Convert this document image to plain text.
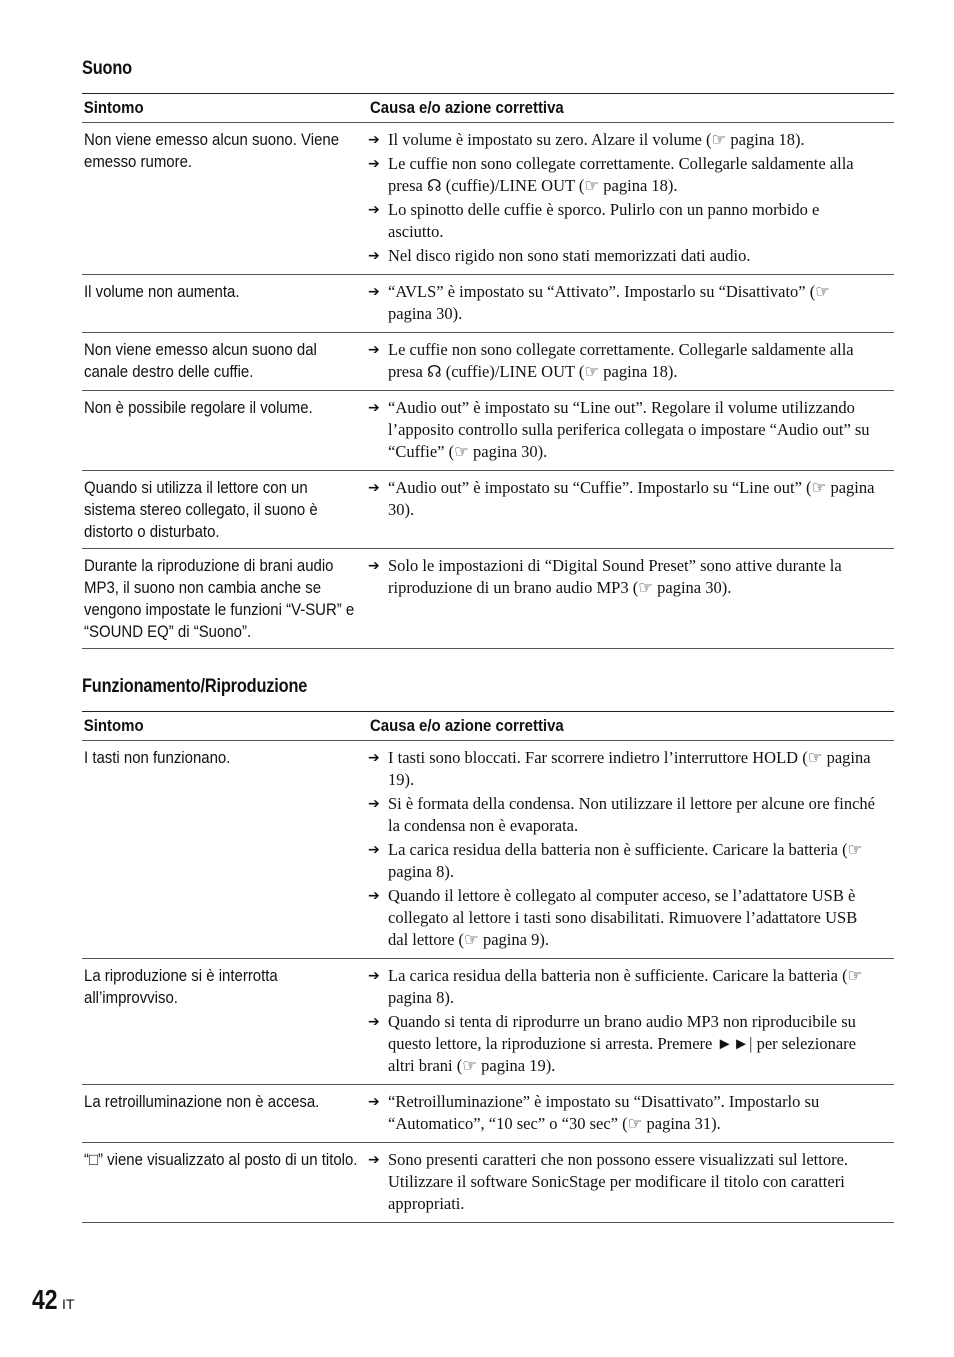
Suono
Sintomo	Causa e/o azione correttiva
Non viene emesso alcun suono. Viene emesso rumore.
➔ Il volume è impostato su zero. Alzare il volume (☞ pagina 18).
➔ Le cuffie non sono collegate correttamente. Collegarle saldamente alla presa ☊ (cuffie)/LINE OUT (☞ pagina 18).
➔ Lo spinotto delle cuffie è sporco. Pulirlo con un panno morbido e asciutto.
➔ Nel disco rigido non sono stati memorizzati dati audio.
Il volume non aumenta.	➔ “AVLS” è impostato su “Attivato”. Impostarlo su “Disattivato” (☞ pagina 30).
Non viene emesso alcun suono dal canale destro delle cuffie.
➔ Le cuffie non sono collegate correttamente. Collegarle saldamente alla presa ☊ (cuffie)/LINE OUT (☞ pagina 18).
Non è possibile regolare il volume.	➔ “Audio out” è impostato su “Line out”. Regolare il volume utilizzando l’apposito controllo sulla periferica collegata o impostare “Audio out” su “Cuffie” (☞ pagina 30).
Quando si utilizza il lettore con un sistema stereo collegato, il suono è distorto o disturbato.
➔ “Audio out” è impostato su “Cuffie”. Impostarlo su “Line out” (☞ pagina 30).
Durante la riproduzione di brani audio MP3, il suono non cambia anche se vengono impostate le funzioni “V-SUR” e “SOUND EQ” di “Suono”.
➔ Solo le impostazioni di “Digital Sound Preset” sono attive durante la riproduzione di un brano audio MP3 (☞ pagina 30).
Funzionamento/Riproduzione
Sintomo	Causa e/o azione correttiva
I tasti non funzionano.	➔ I tasti sono bloccati. Far scorrere indietro l’interruttore HOLD (☞ pagina 19).
➔ Si è formata della condensa. Non utilizzare il lettore per alcune ore finché la condensa non è evaporata.
➔ La carica residua della batteria non è sufficiente. Caricare la batteria (☞ pagina 8).
➔ Quando il lettore è collegato al computer acceso, se l’adattatore USB è collegato al lettore i tasti sono disabilitati. Rimuovere l’adattatore USB dal lettore (☞ pagina 9).
La riproduzione si è interrotta all’improvviso.
➔ La carica residua della batteria non è sufficiente. Caricare la batteria (☞ pagina 8).
➔ Quando si tenta di riprodurre un brano audio MP3 non riproducibile su questo lettore, la riproduzione si arresta. Premere ►►| per selezionare altri brani (☞ pagina 19).
La retroilluminazione non è accesa.	➔ “Retroilluminazione” è impostato su “Disattivato”. Impostarlo su “Automatico”, “10 sec” o “30 sec” (☞ pagina 31).
“□” viene visualizzato al posto di un titolo. ➔ Sono presenti caratteri che non possono essere visualizzati sul lettore. Utilizzare il software SonicStage per modificare il titolo con caratteri appropriati.
42 IT
